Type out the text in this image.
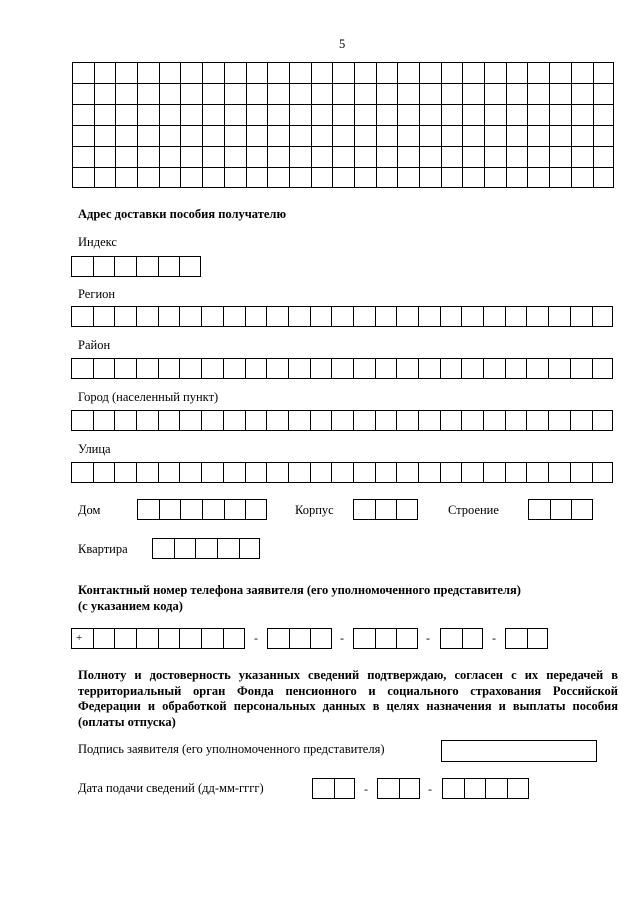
5
Адрес доставки пособия получателю
Индекс
Регион
Район
Город (населенный пункт)
Улица
Дом	Корпус	Строение
Квартира
Контактный номер телефона заявителя (его уполномоченного представителя)
(с указанием кода)
+	-	-	-	-
Полноту и достоверность указанных сведений подтверждаю, согласен с их передачей в территориальный орган Фонда пенсионного и социального страхования Российской Федерации и обработкой персональных данных в целях назначения и выплаты пособия (оплаты отпуска)
Подпись заявителя (его уполномоченного представителя)
Дата подачи сведений (дд-мм-гггг)	-	-
